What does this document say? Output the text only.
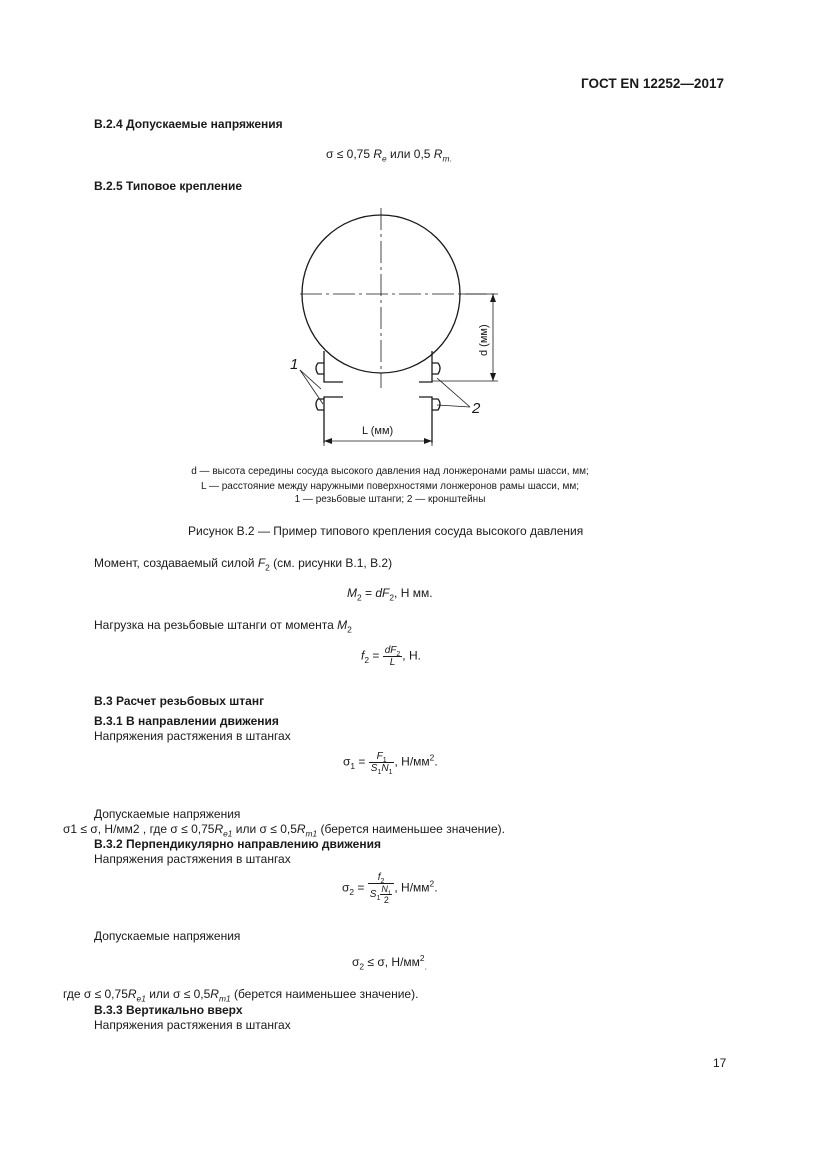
ГОСТ EN 12252—2017
B.2.4 Допускаемые напряжения
σ ≤ 0,75 $R_e$ или 0,5 $R_{m.}$
B.2.5 Типовое крепление
1
2
d (мм)
L (мм)
d — высота середины сосуда высокого давления над лонжеронами рамы шасси, мм;
L — расстояние между наружными поверхностями лонжеронов рамы шасси, мм;
1 — резьбовые штанги; 2 — кронштейны
Рисунок B.2 — Пример типового крепления сосуда высокого давления
Момент, создаваемый силой $F_2$ (см. рисунки B.1, B.2)
$M_2 = dF_2$, Н мм.
Нагрузка на резьбовые штанги от момента $M_2$
$f_2 = \frac{dF_2}{L}$ , Н.
B.3 Расчет резьбовых штанг
B.3.1 В направлении движения
Напряжения растяжения в штангах
$\sigma_1 = \frac{F_1}{S_1N_1}$ , $Н/мм^2$.
Допускаемые напряжения
σ1 ≤ σ, Н/мм2 , где $\sigma \le 0,75R_{e1}$ или $\sigma \le 0,5R_{m1}$ (берется наименьшее значение).
B.3.2 Перпендикулярно направлению движения
Напряжения растяжения в штангах
$\sigma_2 = \frac{f_2}{S_1 \frac{N_1}{2}}$ , $Н/мм^2$.
Допускаемые напряжения
$\sigma_2 \le \sigma$, $Н/мм^2_.$
где $\sigma \le 0,75R_{e1}$ или $\sigma \le 0,5R_{m1}$ (берется наименьшее значение).
B.3.3 Вертикально вверх
Напряжения растяжения в штангах
17
